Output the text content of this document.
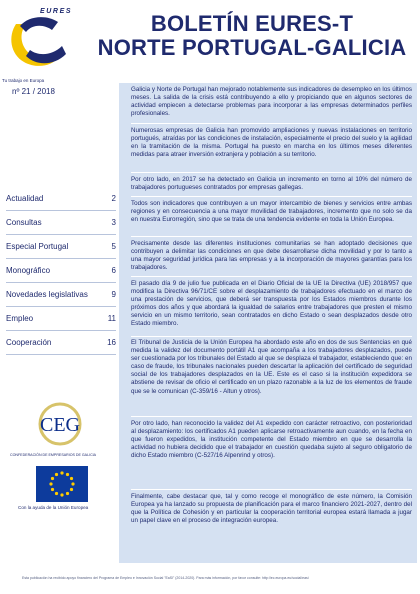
EURES
Tu trabajo en Europa
BOLETÍN EURES-T
NORTE PORTUGAL-GALICIA
nº 21 / 2018
Actualidad	2
Consultas	3
Especial Portugal	5
Monográfico	6
Novedades legislativas	9
Empleo	11
Cooperación	16

Galicia y Norte de Portugal han mejorado notablemente sus indicadores de desempleo en los últimos meses. La salida de la crisis está contribuyendo a ello y propiciando que en algunos sectores de actividad empiecen a detectarse problemas para incorporar a las empresas determinados perfiles profesionales.

Numerosas empresas de Galicia han promovido ampliaciones y nuevas instalaciones en territorio portugués, atraídas por las condiciones de instalación, especialmente el precio del suelo y la agilidad en la tramitación de la misma. Portugal ha puesto en marcha en los últimos meses diferentes medidas para atraer inversión extranjera y población a su territorio.

Por otro lado, en 2017 se ha detectado en Galicia un incremento en torno al 10% del número de trabajadores portugueses contratados por empresas gallegas.

Todos son indicadores que contribuyen a un mayor intercambio de bienes y servicios entre ambas regiones y en consecuencia a una mayor movilidad de trabajadores, incremento que no solo se da en nuestra Eurorregión, sino que se trata de una tendencia evidente en toda la Unión Europea.

Precisamente desde las diferentes instituciones comunitarias se han adoptado decisiones que contribuyen a delimitar las condiciones en que debe desarrollarse dicha movilidad y por lo tanto a una mayor seguridad jurídica para las empresas y a la incorporación de mayores garantías para los trabajadores.

El pasado día 9 de julio fue publicada en el Diario Oficial de la UE la Directiva (UE) 2018/957 que modifica la Directiva 96/71/CE sobre el desplazamiento de trabajadores efectuado en el marco de una prestación de servicios, que deberá ser transpuesta por los Estados miembros durante los próximos dos años y que abordará la igualdad de salarios entre trabajadores que presten el mismo servicio en un mismo territorio, sean contratados en dicho Estado o sean desplazados desde otro Estado miembro.

El Tribunal de Justicia de la Unión Europea ha abordado este año en dos de sus Sentencias en qué medida la validez del documento portátil A1 que acompaña a los trabajadores desplazados, puede ser cuestionada por los tribunales del Estado al que se desplaza el trabajador, estableciendo que: en caso de fraude, los tribunales nacionales pueden descartar la aplicación del certificado de seguridad social de los trabajadores desplazados en la UE. Este es el caso si la institución expedidora se abstiene de revisar de oficio el certificado en un plazo razonable a la luz de los elementos de fraude que se le comunican (C-359/16 - Altun y otros).

Por otro lado, han reconocido la validez del A1 expedido con carácter retroactivo, con posterioridad al desplazamiento: los certificados A1 pueden aplicarse retroactivamente aun cuando, en la fecha en que fueron expedidos, la institución competente del Estado miembro en que se desarrolla la actividad no hubiera decidido que el trabajador en cuestión quedaba sujeto al seguro obligatorio de dicho Estado miembro (C-527/16 Alpenrind y otros).

Finalmente, cabe destacar que, tal y como recoge el monográfico de este número, la Comisión Europea ya ha lanzado su propuesta de planificación para el marco financiero 2021-2027, dentro del que la Política de Cohesión y en particular la cooperación territorial europea estará llamada a jugar un papel clave en el proceso de integración europea.

CEG
CONFEDERACIÓN DE EMPRESARIOS DE GALICIA
Con la ayuda de la Unión Europea
Esta publicación ha recibido apoyo financiero del Programa de Empleo e Innovación Social "EaSI" (2014-2020). Para más información, por favor consulte: http://ec.europa.eu/social/easi
